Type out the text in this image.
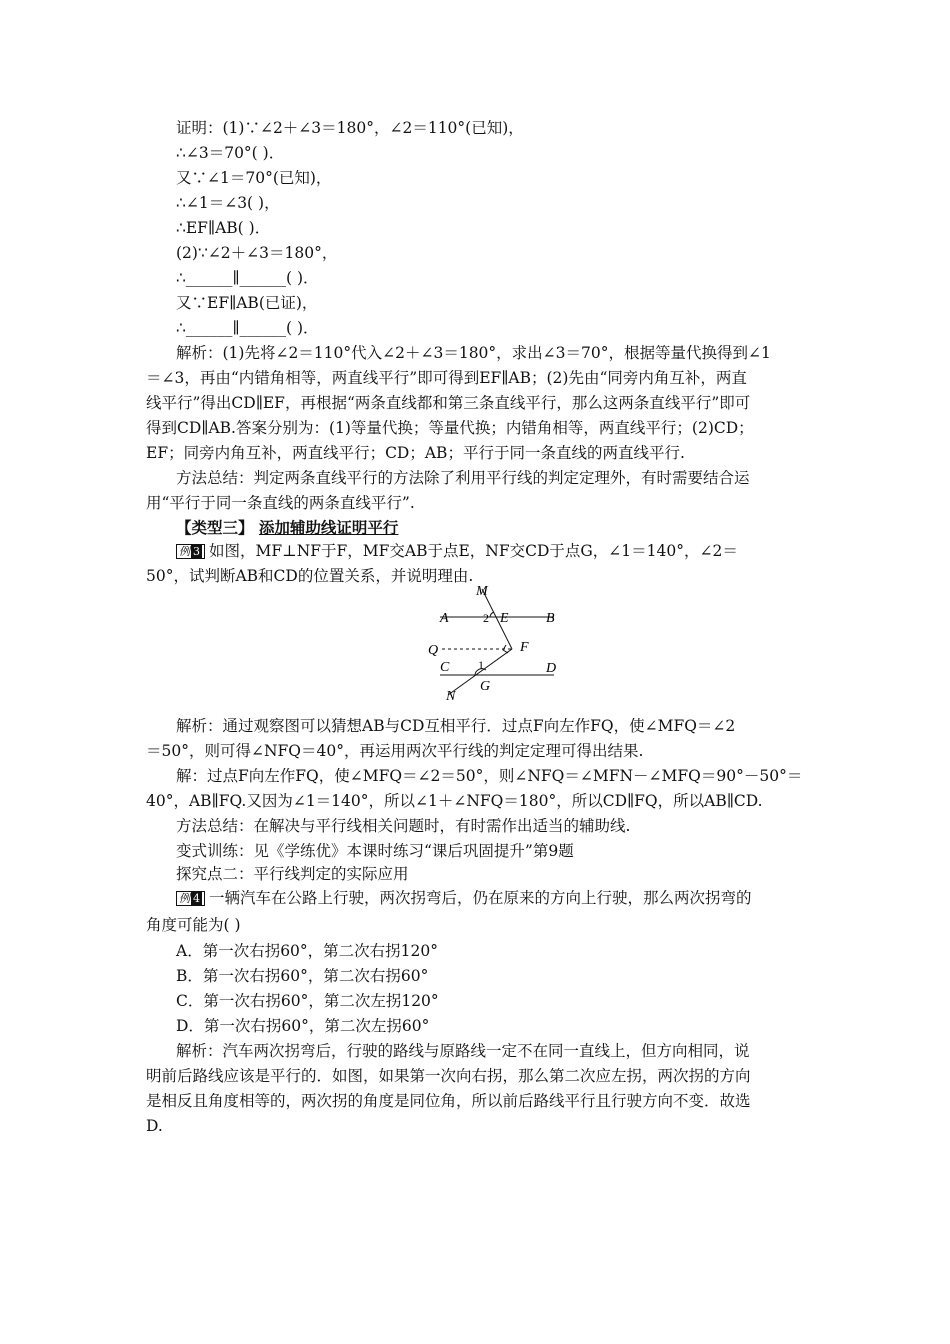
证明：(1)∵∠2＋∠3＝180°，∠2＝110°(已知)，
∴∠3＝70°( )．
又∵∠1＝70°(已知)，
∴∠1＝∠3( )，
∴EF∥AB( )．
(2)∵∠2＋∠3＝180°，
∴______∥______( )．
又∵EF∥AB(已证)，
∴______∥______( )．
解析：(1)先将∠2＝110°代入∠2＋∠3＝180°，求出∠3＝70°，根据等量代换得到∠1
＝∠3，再由“内错角相等，两直线平行”即可得到EF∥AB；(2)先由“同旁内角互补，两直
线平行”得出CD∥EF，再根据“两条直线都和第三条直线平行，那么这两条直线平行”即可
得到CD∥AB.答案分别为：(1)等量代换；等量代换；内错角相等，两直线平行；(2)CD；
EF；同旁内角互补，两直线平行；CD；AB；平行于同一条直线的两直线平行.
方法总结：判定两条直线平行的方法除了利用平行线的判定定理外，有时需要结合运
用“平行于同一条直线的两条直线平行”.
【类型三】 添加辅助线证明平行
例 3 如图，MF⊥NF于F，MF交AB于点E，NF交CD于点G，∠1＝140°，∠2＝
50°，试判断AB和CD的位置关系，并说明理由.
M
A	B
E
2
F
Q
C 1	D
G
N
解析：通过观察图可以猜想AB与CD互相平行．过点F向左作FQ，使∠MFQ＝∠2
＝50°，则可得∠NFQ＝40°，再运用两次平行线的判定定理可得出结果.
解：过点F向左作FQ，使∠MFQ＝∠2＝50°，则∠NFQ＝∠MFN－∠MFQ＝90°－50°＝
40°，AB∥FQ.又因为∠1＝140°，所以∠1＋∠NFQ＝180°，所以CD∥FQ，所以AB∥CD.
方法总结：在解决与平行线相关问题时，有时需作出适当的辅助线.
变式训练：见《学练优》本课时练习“课后巩固提升”第9题
探究点二：平行线判定的实际应用
例 4 一辆汽车在公路上行驶，两次拐弯后，仍在原来的方向上行驶，那么两次拐弯的
角度可能为( )
A．第一次右拐60°，第二次右拐120°
B．第一次右拐60°，第二次右拐60°
C．第一次右拐60°，第二次左拐120°
D．第一次右拐60°，第二次左拐60°
解析：汽车两次拐弯后，行驶的路线与原路线一定不在同一直线上，但方向相同，说
明前后路线应该是平行的．如图，如果第一次向右拐，那么第二次应左拐，两次拐的方向
是相反且角度相等的，两次拐的角度是同位角，所以前后路线平行且行驶方向不变．故选
D.
